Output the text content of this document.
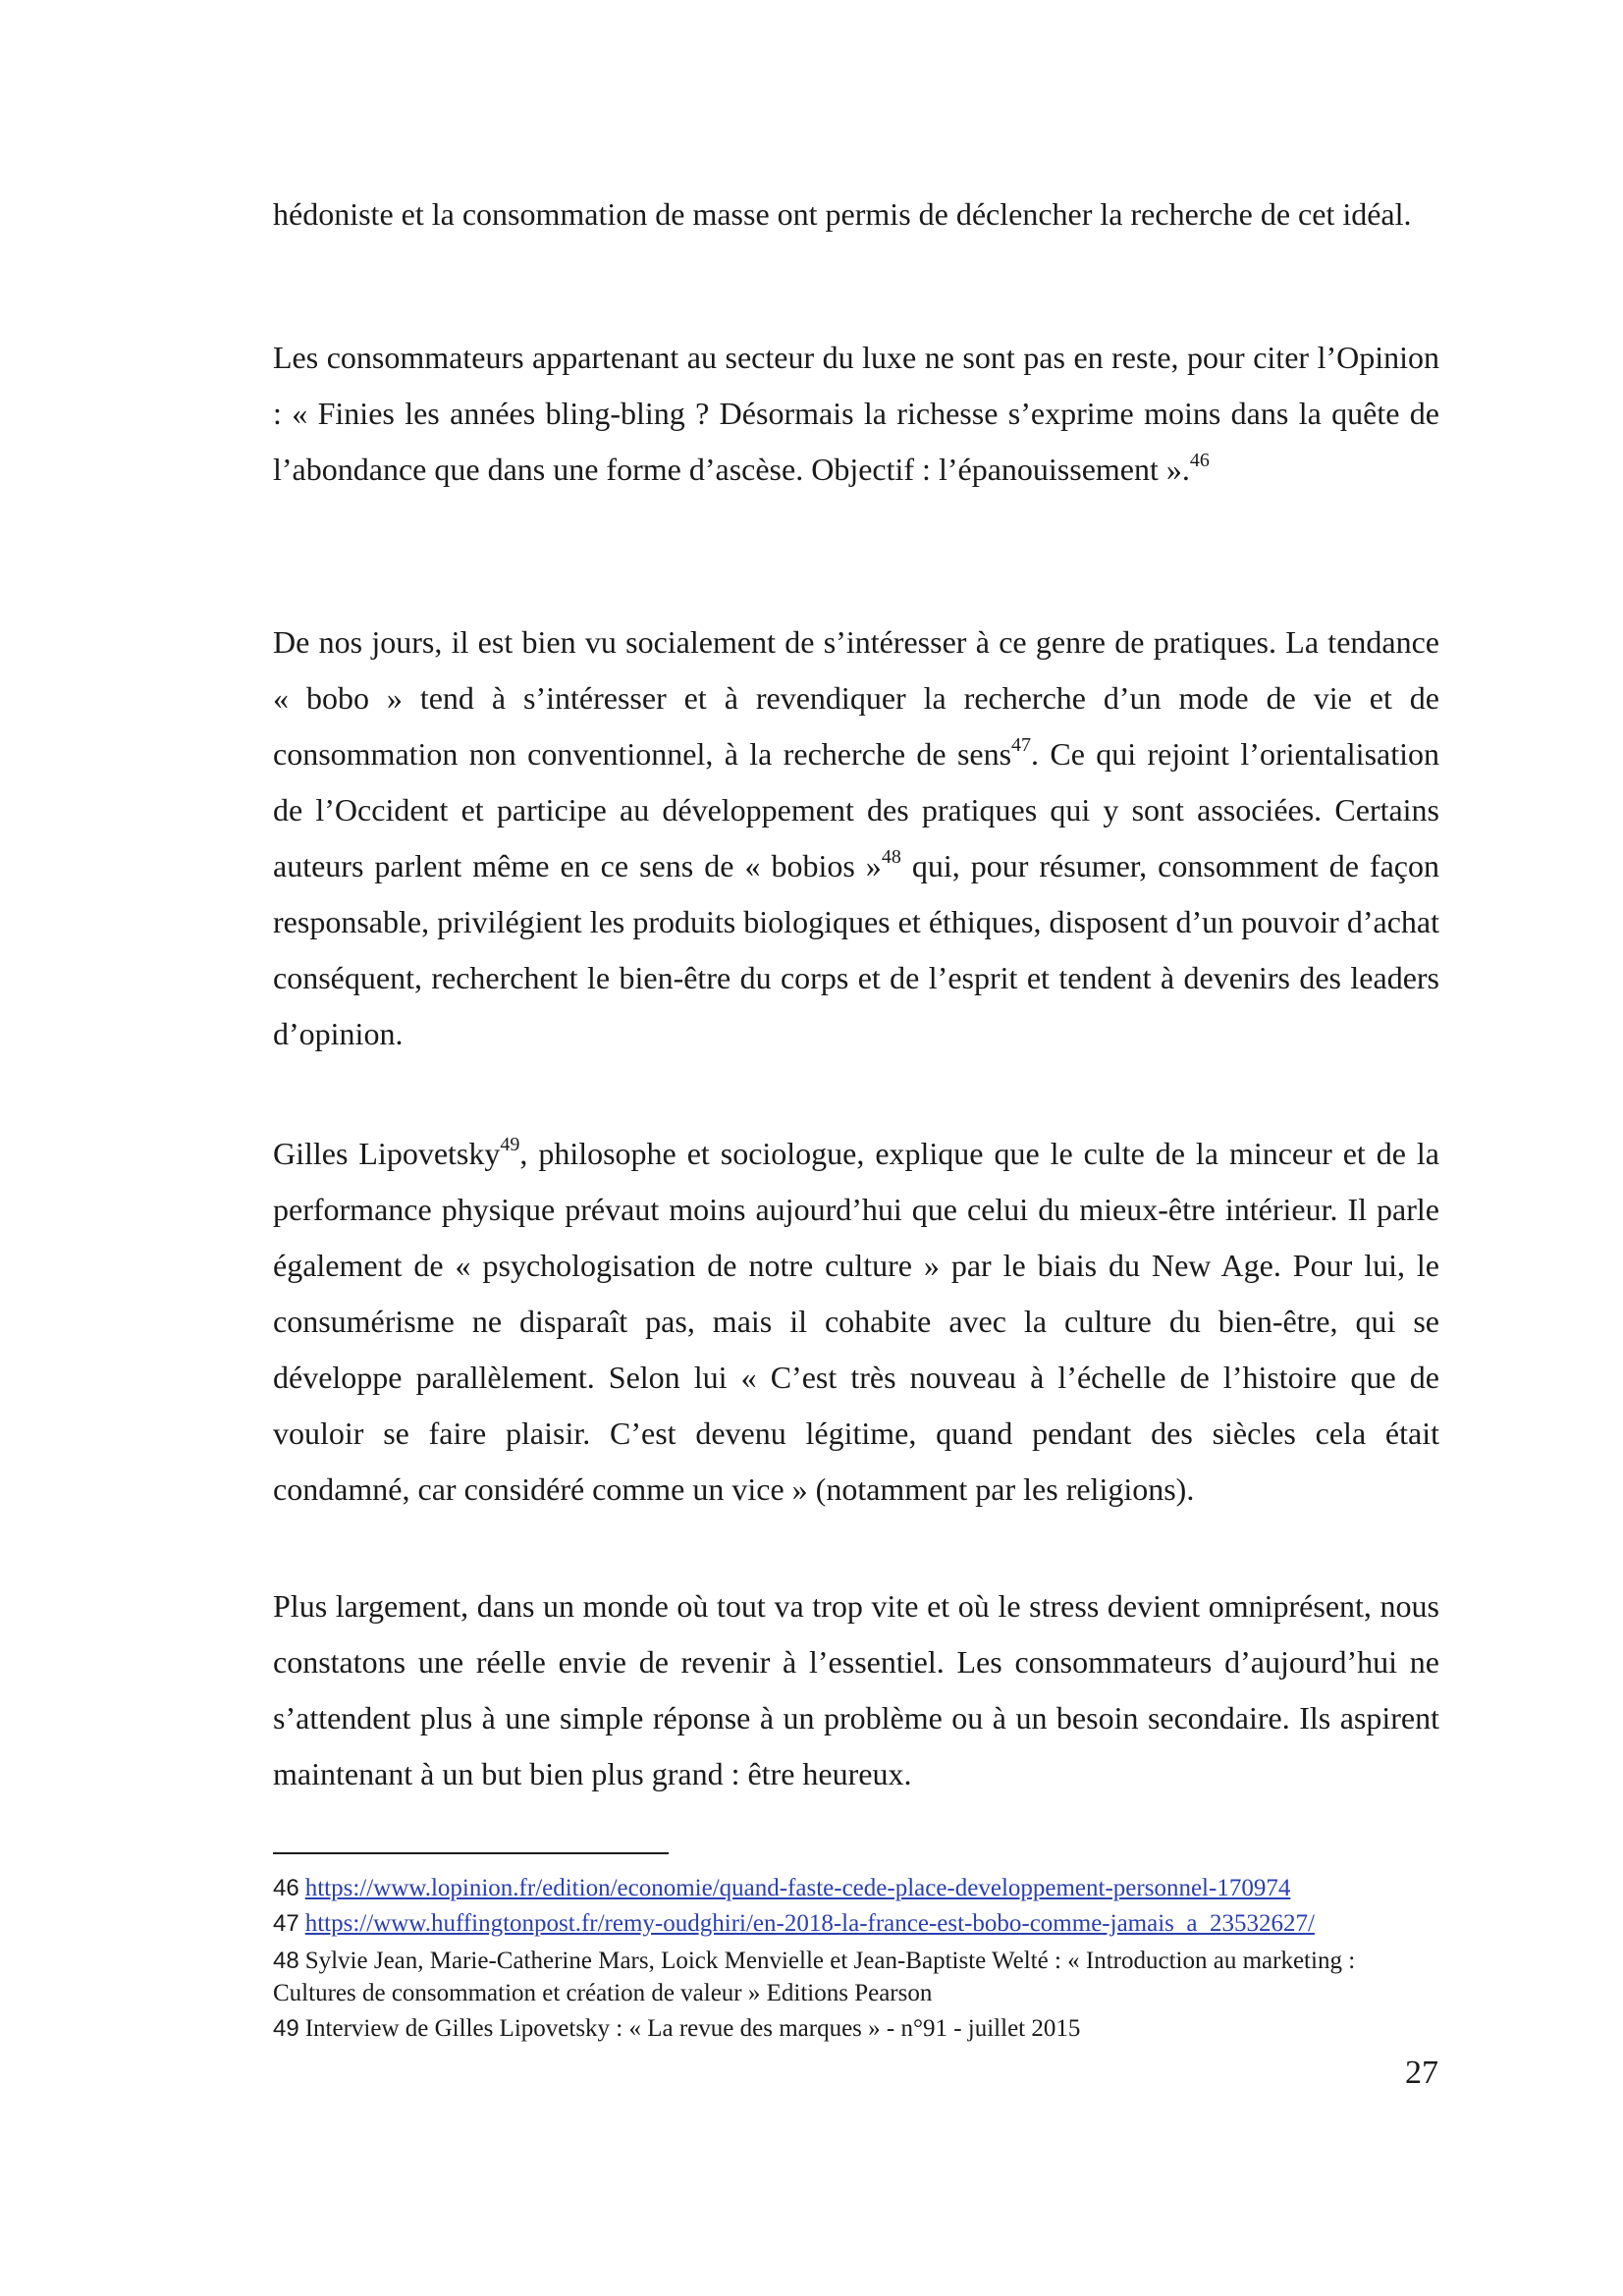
hédoniste et la consommation de masse ont permis de déclencher la recherche de cet idéal.

Les consommateurs appartenant au secteur du luxe ne sont pas en reste, pour citer l’Opinion : « Finies les années bling-bling ? Désormais la richesse s’exprime moins dans la quête de l’abondance que dans une forme d’ascèse. Objectif : l’épanouissement ».$^{46}$

De nos jours, il est bien vu socialement de s’intéresser à ce genre de pratiques. La tendance « bobo » tend à s’intéresser et à revendiquer la recherche d’un mode de vie et de consommation non conventionnel, à la recherche de sens$^{47}$. Ce qui rejoint l’orientalisation de l’Occident et participe au développement des pratiques qui y sont associées. Certains auteurs parlent même en ce sens de « bobios »$^{48}$ qui, pour résumer, consomment de façon responsable, privilégient les produits biologiques et éthiques, disposent d’un pouvoir d’achat conséquent, recherchent le bien-être du corps et de l’esprit et tendent à devenirs des leaders d’opinion.

Gilles Lipovetsky$^{49}$, philosophe et sociologue, explique que le culte de la minceur et de la performance physique prévaut moins aujourd’hui que celui du mieux-être intérieur. Il parle également de « psychologisation de notre culture » par le biais du New Age. Pour lui, le consumérisme ne disparaît pas, mais il cohabite avec la culture du bien-être, qui se développe parallèlement. Selon lui « C’est très nouveau à l’échelle de l’histoire que de vouloir se faire plaisir. C’est devenu légitime, quand pendant des siècles cela était condamné, car considéré comme un vice » (notamment par les religions).

Plus largement, dans un monde où tout va trop vite et où le stress devient omniprésent, nous constatons une réelle envie de revenir à l’essentiel. Les consommateurs d’aujourd’hui ne s’attendent plus à une simple réponse à un problème ou à un besoin secondaire. Ils aspirent maintenant à un but bien plus grand : être heureux.

46 https://www.lopinion.fr/edition/economie/quand-faste-cede-place-developpement-personnel-170974

47 https://www.huffingtonpost.fr/remy-oudghiri/en-2018-la-france-est-bobo-comme-jamais_a_23532627/

48 Sylvie Jean, Marie-Catherine Mars, Loick Menvielle et Jean-Baptiste Welté : « Introduction au marketing : Cultures de consommation et création de valeur » Editions Pearson

49 Interview de Gilles Lipovetsky : « La revue des marques » - n°91 - juillet 2015

27
